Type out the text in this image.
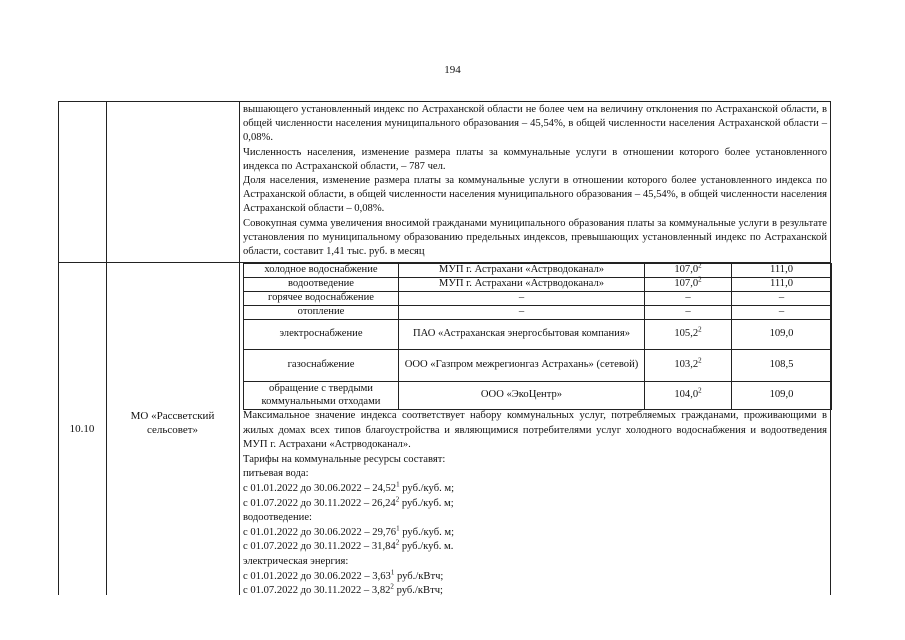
194

вышающего установленный индекс по Астраханской области не более чем на величину отклонения по Астраханской области, в общей численности населения муниципального образования – 45,54%, в общей численности населения Астраханской области – 0,08%.

Численность населения, изменение размера платы за коммунальные услуги в отношении которого более установленного индекса по Астраханской области, – 787 чел.

Доля населения, изменение размера платы за коммунальные услуги в отношении которого более установленного индекса по Астраханской области, в общей численности населения муниципального образования – 45,54%, в общей численности населения Астраханской области – 0,08%.

Совокупная сумма увеличения вносимой гражданами муниципального образования платы за коммунальные услуги в результате установления по муниципальному образованию предельных индексов, превышающих установленный индекс по Астраханской области, составит 1,41 тыс. руб. в месяц

10.10
МО «Рассветский
сельсовет»
холодное водоснабжение	МУП г. Астрахани «Астрводоканал»	107,0$^2$	111,0
водоотведение	МУП г. Астрахани «Астрводоканал»	107,0$^2$	111,0
горячее водоснабжение	–	–	–
отопление	–	–	–
электроснабжение	ПАО «Астраханская энергосбытовая компания»	105,2$^2$	109,0
газоснабжение	ООО «Газпром межрегионгаз Астрахань» (сетевой)	103,2$^2$	108,5
обращение с твердыми коммунальными отходами	ООО «ЭкоЦентр»	104,0$^2$	109,0

Максимальное значение индекса соответствует набору коммунальных услуг, потребляемых гражданами, проживающими в жилых домах всех типов благоустройства и являющимися потребителями услуг холодного водоснабжения и водоотведения МУП г. Астрахани «Астрводоканал».

Тарифы на коммунальные ресурсы составят:

питьевая вода:

с 01.01.2022 до 30.06.2022 – 24,52$^1$ руб./куб. м;

с 01.07.2022 до 30.11.2022 – 26,24$^2$ руб./куб. м;

водоотведение:

с 01.01.2022 до 30.06.2022 – 29,76$^1$ руб./куб. м;

с 01.07.2022 до 30.11.2022 – 31,84$^2$ руб./куб. м.

электрическая энергия:

с 01.01.2022 до 30.06.2022 – 3,63$^1$ руб./кВтч;

с 01.07.2022 до 30.11.2022 – 3,82$^2$ руб./кВтч;
